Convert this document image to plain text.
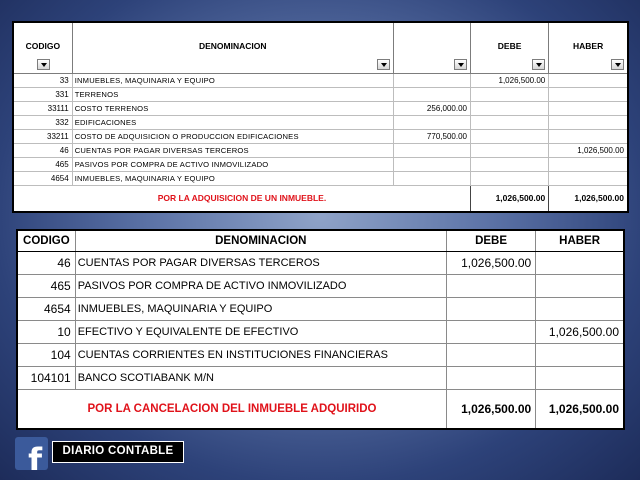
CODIGO	DENOMINACION		DEBE	HABER

33	INMUEBLES, MAQUINARIA Y EQUIPO		1,026,500.00	
331	TERRENOS			
33111	COSTO TERRENOS	256,000.00		
332	EDIFICACIONES			
33211	COSTO DE ADQUISICION O PRODUCCION EDIFICACIONES	770,500.00		
46	CUENTAS POR PAGAR DIVERSAS TERCEROS			1,026,500.00
465	PASIVOS POR COMPRA DE ACTIVO INMOVILIZADO			
4654	INMUEBLES, MAQUINARIA Y EQUIPO			
POR LA ADQUISICION DE UN INMUEBLE.			1,026,500.00	1,026,500.00
CODIGO	DENOMINACION	DEBE	HABER
46	CUENTAS POR PAGAR DIVERSAS TERCEROS	1,026,500.00	
465	PASIVOS POR COMPRA DE ACTIVO INMOVILIZADO		
4654	INMUEBLES, MAQUINARIA Y EQUIPO		
10	EFECTIVO Y EQUIVALENTE DE EFECTIVO		1,026,500.00
104	CUENTAS CORRIENTES EN INSTITUCIONES FINANCIERAS		
104101	BANCO SCOTIABANK M/N		
POR LA CANCELACION DEL INMUEBLE ADQUIRIDO		1,026,500.00	1,026,500.00
f	DIARIO CONTABLE
